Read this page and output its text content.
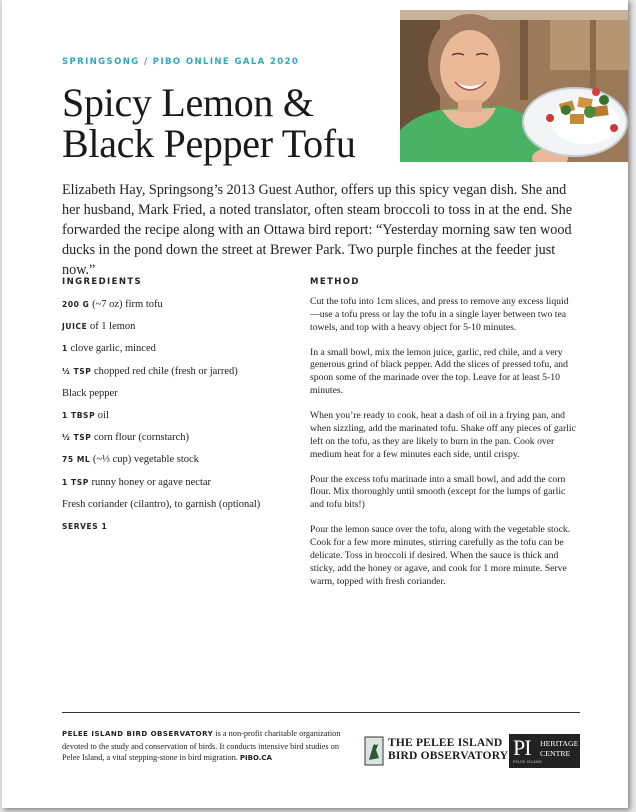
SPRINGSONG / PIBO ONLINE GALA 2020
Spicy Lemon & Black Pepper Tofu

Elizabeth Hay, Springsong’s 2013 Guest Author, offers up this spicy vegan dish. She and her husband, Mark Fried, a noted translator, often steam broccoli to toss in at the end. She forwarded the recipe along with an Ottawa bird report: “Yesterday morning saw ten wood ducks in the pond down the street at Brewer Park. Two purple finches at the feeder just now.”

INGREDIENTS
200 G (~7 oz) firm tofu
JUICE of 1 lemon
1 clove garlic, minced
½ TSP chopped red chile (fresh or jarred)
Black pepper
1 TBSP oil
½ TSP corn flour (cornstarch)
75 ML (~⅓ cup) vegetable stock
1 TSP runny honey or agave nectar
Fresh coriander (cilantro), to garnish (optional)
SERVES 1
METHOD

Cut the tofu into 1cm slices, and press to remove any excess liquid—use a tofu press or lay the tofu in a single layer between two tea towels, and top with a heavy object for 5-10 minutes.

In a small bowl, mix the lemon juice, garlic, red chile, and a very generous grind of black pepper. Add the slices of pressed tofu, and spoon some of the marinade over the top. Leave for at least 5-10 minutes.

When you’re ready to cook, heat a dash of oil in a frying pan, and when sizzling, add the marinated tofu. Shake off any pieces of garlic left on the tofu, as they are likely to burn in the pan. Cook over medium heat for a few minutes each side, until crispy.

Pour the excess tofu marinade into a small bowl, and add the corn flour. Mix thoroughly until smooth (except for the lumps of garlic and tofu bits!)

Pour the lemon sauce over the tofu, along with the vegetable stock. Cook for a few more minutes, stirring carefully as the tofu can be delicate. Toss in broccoli if desired. When the sauce is thick and sticky, add the honey or agave, and cook for 1 more minute. Serve warm, topped with fresh coriander.

PELEE ISLAND BIRD OBSERVATORY is a non-profit charitable organization devoted to the study and conservation of birds. It conducts intensive bird studies on Pelee Island, a vital stepping-stone in bird migration. PIBO.CA

THE PELEE ISLAND
BIRD OBSERVATORY PI HERITAGE
CENTRE
PELEE ISLAND
